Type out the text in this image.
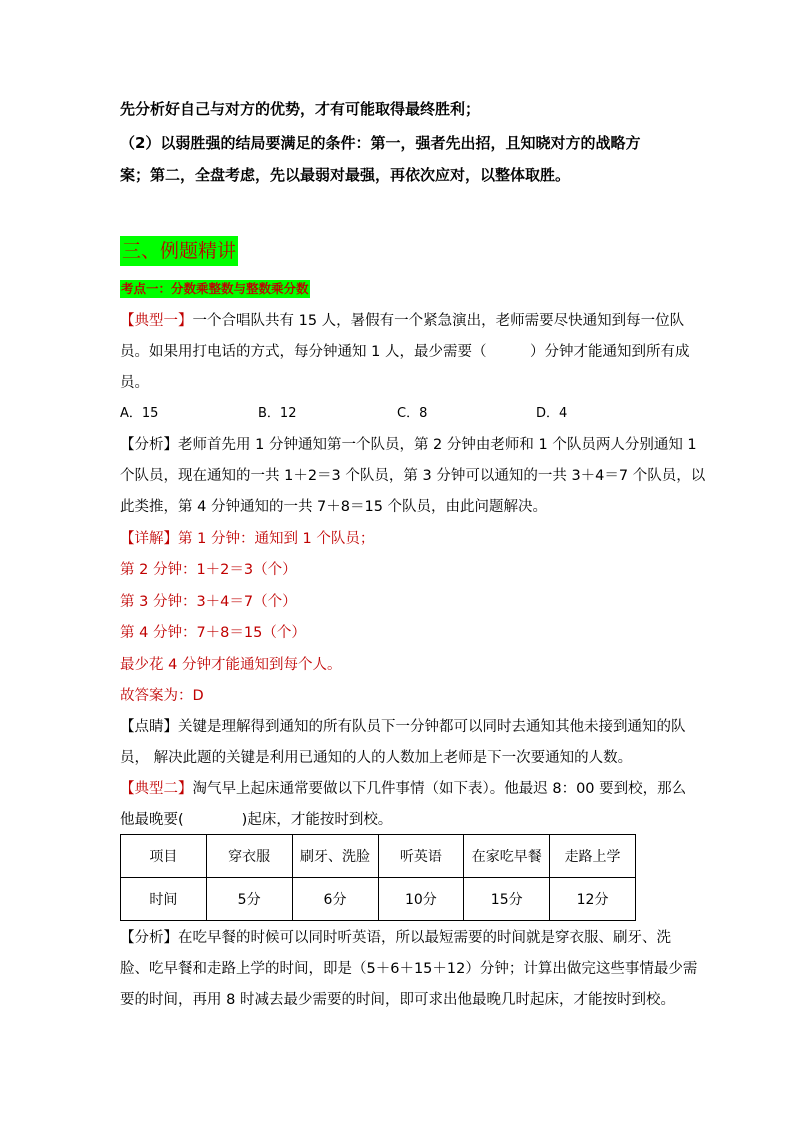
先分析好自己与对方的优势，才有可能取得最终胜利；
（2）以弱胜强的结局要满足的条件：第一，强者先出招，且知晓对方的战略方
案；第二，全盘考虑，先以最弱对最强，再依次应对，以整体取胜。
三、例题精讲
考点一：分数乘整数与整数乘分数
【典型一】一个合唱队共有 15 人，暑假有一个紧急演出，老师需要尽快通知到每一位队
员。如果用打电话的方式，每分钟通知 1 人，最少需要（　　　）分钟才能通知到所有成
员。
A．15	B．12	C．8	D．4
【分析】老师首先用 1 分钟通知第一个队员，第 2 分钟由老师和 1 个队员两人分别通知 1
个队员，现在通知的一共 1＋2＝3 个队员，第 3 分钟可以通知的一共 3＋4＝7 个队员，以
此类推，第 4 分钟通知的一共 7＋8＝15 个队员，由此问题解决。
【详解】第 1 分钟：通知到 1 个队员；
第 2 分钟：1＋2＝3（个）
第 3 分钟：3＋4＝7（个）
第 4 分钟：7＋8＝15（个）
最少花 4 分钟才能通知到每个人。
故答案为：D
【点睛】关键是理解得到通知的所有队员下一分钟都可以同时去通知其他未接到通知的队
员， 解决此题的关键是利用已通知的人的人数加上老师是下一次要通知的人数。
【典型二】淘气早上起床通常要做以下几件事情（如下表）。他最迟 8：00 要到校，那么
他最晚要(　　　　)起床，才能按时到校。
项目	穿衣服	刷牙、洗脸	听英语	在家吃早餐	走路上学
时间	5分	6分	10分	15分	12分
【分析】在吃早餐的时候可以同时听英语，所以最短需要的时间就是穿衣服、刷牙、洗
脸、吃早餐和走路上学的时间，即是（5＋6＋15＋12）分钟；计算出做完这些事情最少需
要的时间，再用 8 时减去最少需要的时间，即可求出他最晚几时起床，才能按时到校。
